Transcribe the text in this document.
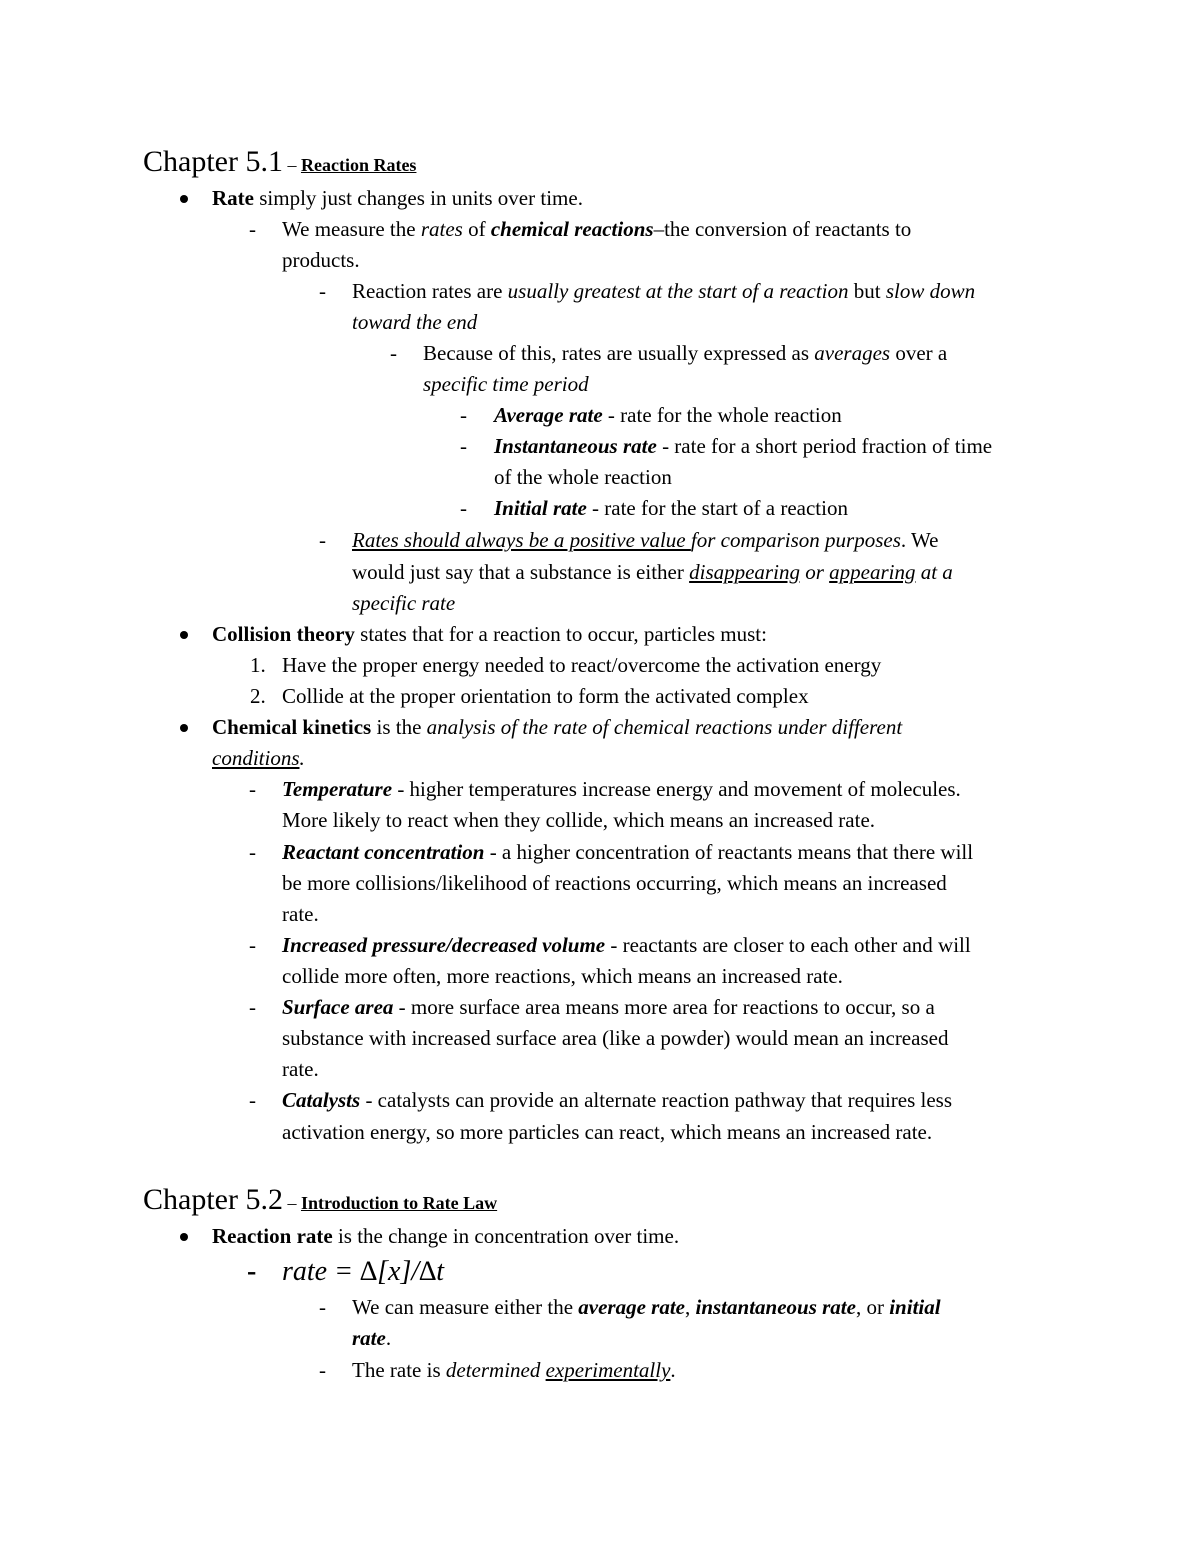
Chapter 5.1 – Reaction Rates
Rate simply just changes in units over time.
- We measure the rates of chemical reactions–the conversion of reactants to
products.
- Reaction rates are usually greatest at the start of a reaction but slow down
toward the end
- Because of this, rates are usually expressed as averages over a
specific time period
- Average rate - rate for the whole reaction
- Instantaneous rate - rate for a short period fraction of time
of the whole reaction
- Initial rate - rate for the start of a reaction
- Rates should always be a positive value for comparison purposes. We
would just say that a substance is either disappearing or appearing at a
specific rate
Collision theory states that for a reaction to occur, particles must:
1. Have the proper energy needed to react/overcome the activation energy
2. Collide at the proper orientation to form the activated complex
Chemical kinetics is the analysis of the rate of chemical reactions under different
conditions.
- Temperature - higher temperatures increase energy and movement of molecules.
More likely to react when they collide, which means an increased rate.
- Reactant concentration - a higher concentration of reactants means that there will
be more collisions/likelihood of reactions occurring, which means an increased
rate.
- Increased pressure/decreased volume - reactants are closer to each other and will
collide more often, more reactions, which means an increased rate.
- Surface area - more surface area means more area for reactions to occur, so a
substance with increased surface area (like a powder) would mean an increased
rate.
- Catalysts - catalysts can provide an alternate reaction pathway that requires less
activation energy, so more particles can react, which means an increased rate.
Chapter 5.2 – Introduction to Rate Law
Reaction rate is the change in concentration over time.
- rate = ∆[x]/∆t
- We can measure either the average rate, instantaneous rate, or initial
rate.
- The rate is determined experimentally.
